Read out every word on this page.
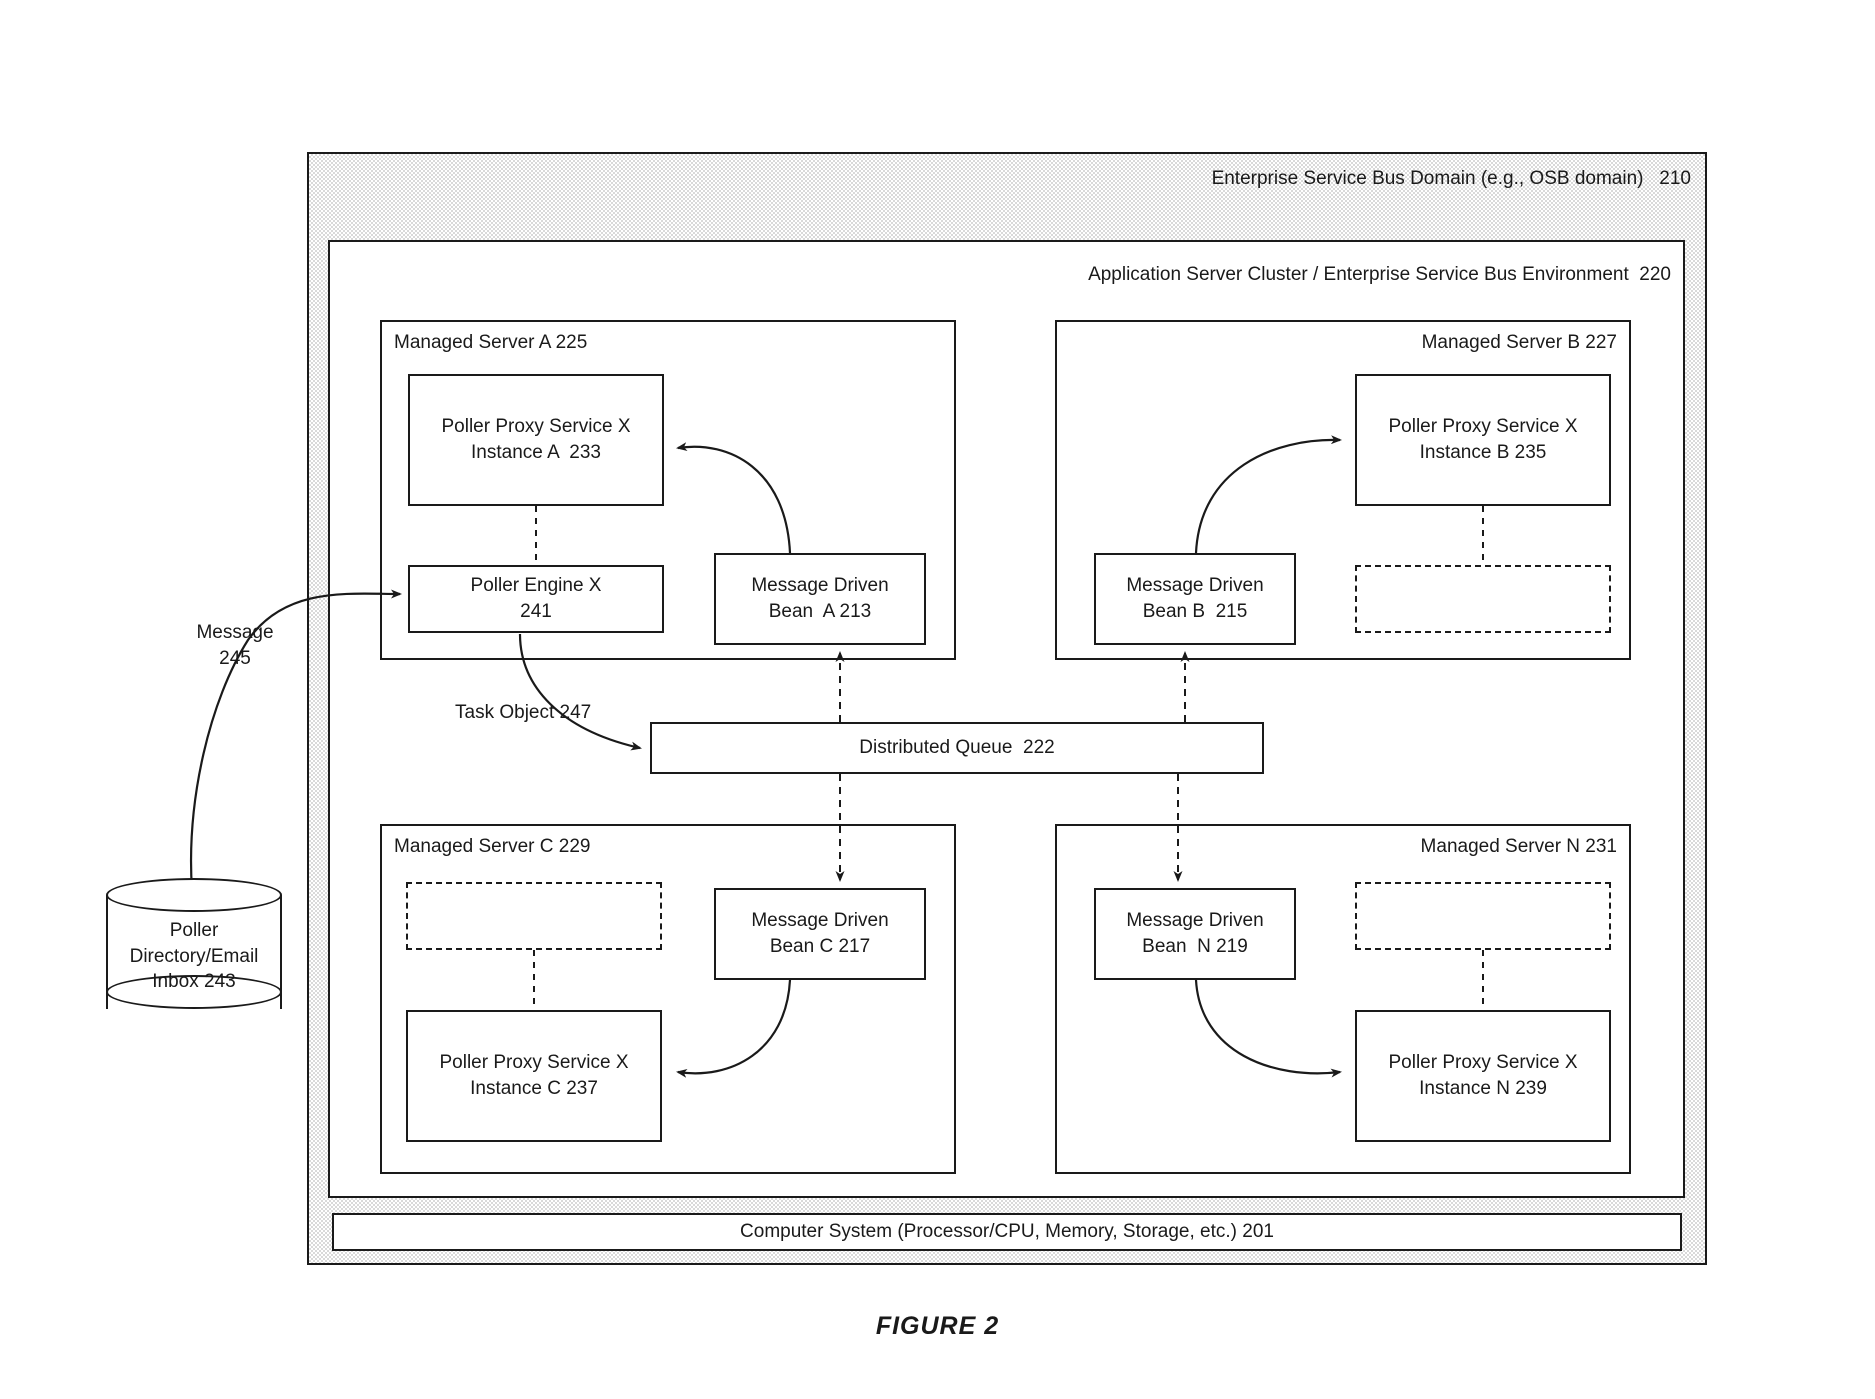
Enterprise Service Bus Domain (e.g., OSB domain)   210
Application Server Cluster / Enterprise Service Bus Environment  220
Managed Server A 225
Poller Proxy Service X
Instance A  233
Poller Engine X
241
Message Driven
Bean  A 213
Managed Server B 227
Poller Proxy Service X
Instance B 235
Message Driven
Bean B  215
Managed Server C 229
Poller Proxy Service X
Instance C 237
Message Driven
Bean C 217
Managed Server N 231
Poller Proxy Service X
Instance N 239
Message Driven
Bean  N 219
Distributed Queue  222
Computer System (Processor/CPU, Memory, Storage, etc.) 201
Poller
Directory/Email
Inbox 243
Message
245
Task Object 247
FIGURE 2
